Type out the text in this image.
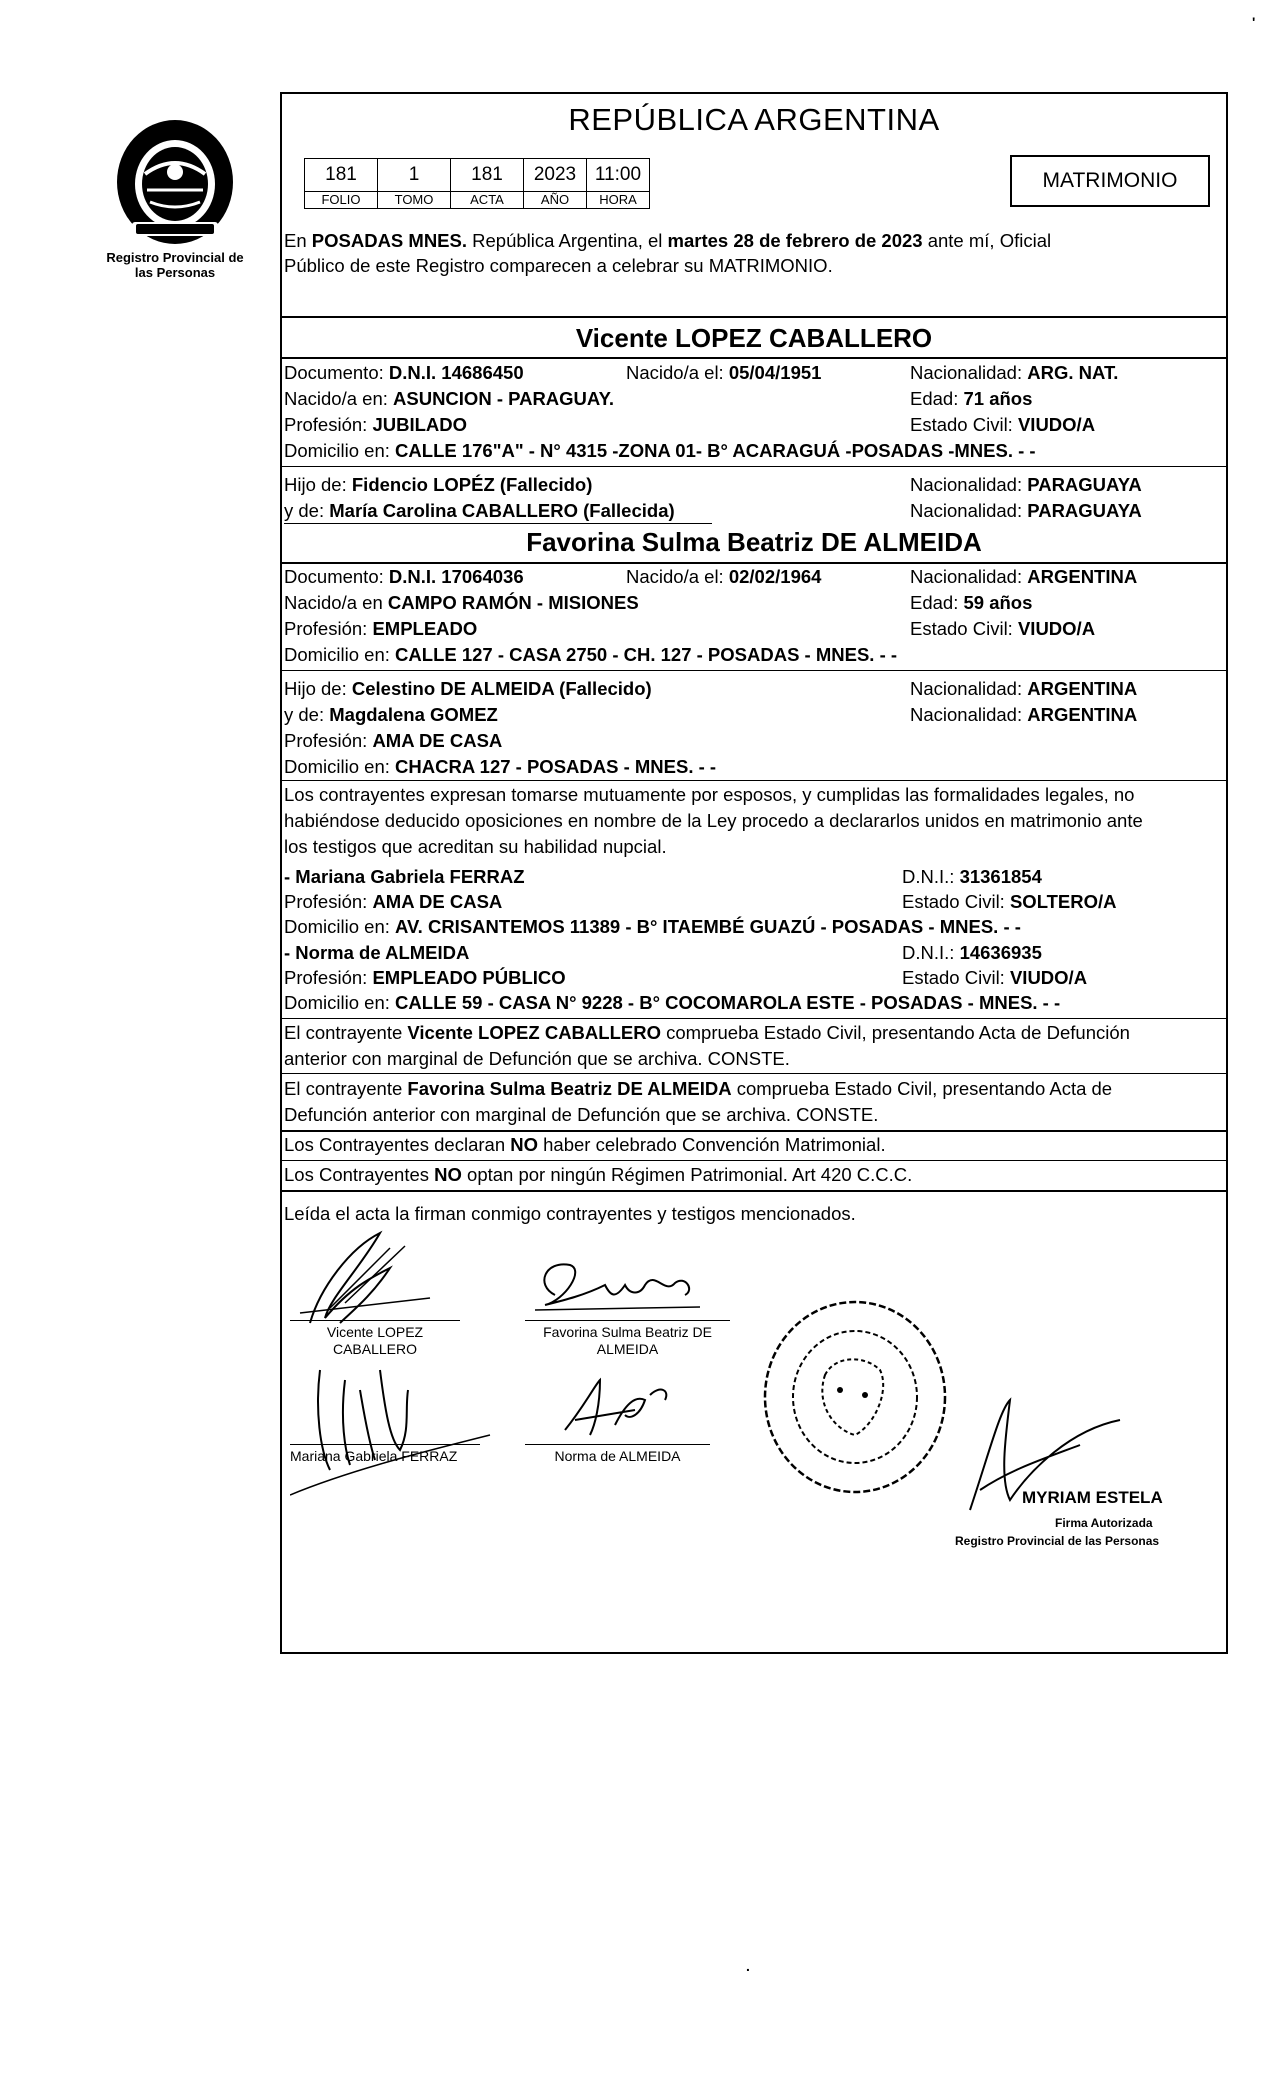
'
Registro Provincial de las Personas
REPÚBLICA ARGENTINA
181	1	181	2023	11:00
FOLIO	TOMO	ACTA	AÑO	HORA
MATRIMONIO
En POSADAS MNES. República Argentina, el martes 28 de febrero de 2023 ante mí, Oficial
Público de este Registro comparecen a celebrar su MATRIMONIO.
Vicente LOPEZ CABALLERO
Documento: D.N.I. 14686450	Nacido/a el: 05/04/1951	Nacionalidad: ARG. NAT.
Nacido/a en: ASUNCION - PARAGUAY.	Edad: 71 años
Profesión: JUBILADO	Estado Civil: VIUDO/A
Domicilio en: CALLE 176"A" - N° 4315 -ZONA 01- B° ACARAGUÁ -POSADAS -MNES. - -
Hijo de: Fidencio LOPÉZ (Fallecido)	Nacionalidad: PARAGUAYA
y de: María Carolina CABALLERO (Fallecida)	Nacionalidad: PARAGUAYA
Favorina Sulma Beatriz DE ALMEIDA
Documento: D.N.I. 17064036	Nacido/a el: 02/02/1964	Nacionalidad: ARGENTINA
Nacido/a en CAMPO RAMÓN - MISIONES	Edad: 59 años
Profesión: EMPLEADO	Estado Civil: VIUDO/A
Domicilio en: CALLE 127 - CASA 2750 - CH. 127 - POSADAS - MNES. - -
Hijo de: Celestino DE ALMEIDA (Fallecido)	Nacionalidad: ARGENTINA
y de: Magdalena GOMEZ	Nacionalidad: ARGENTINA
Profesión: AMA DE CASA
Domicilio en: CHACRA 127 - POSADAS - MNES. - -
Los contrayentes expresan tomarse mutuamente por esposos, y cumplidas las formalidades legales, no
habiéndose deducido oposiciones en nombre de la Ley procedo a declararlos unidos en matrimonio ante
los testigos que acreditan su habilidad nupcial.
- Mariana Gabriela FERRAZ	D.N.I.: 31361854
Profesión: AMA DE CASA	Estado Civil: SOLTERO/A
Domicilio en: AV. CRISANTEMOS 11389 - B° ITAEMBÉ GUAZÚ - POSADAS - MNES. - -
- Norma de ALMEIDA	D.N.I.: 14636935
Profesión: EMPLEADO PÚBLICO	Estado Civil: VIUDO/A
Domicilio en: CALLE 59 - CASA N° 9228 - B° COCOMAROLA ESTE - POSADAS - MNES. - -
El contrayente Vicente LOPEZ CABALLERO comprueba Estado Civil, presentando Acta de Defunción
anterior con marginal de Defunción que se archiva. CONSTE.
El contrayente Favorina Sulma Beatriz DE ALMEIDA comprueba Estado Civil, presentando Acta de
Defunción anterior con marginal de Defunción que se archiva. CONSTE.
Los Contrayentes declaran NO haber celebrado Convención Matrimonial.
Los Contrayentes NO optan por ningún Régimen Patrimonial. Art 420 C.C.C.
Leída el acta la firman conmigo contrayentes y testigos mencionados.
Vicente LOPEZ
CABALLERO
Favorina Sulma Beatriz DE
ALMEIDA
Mariana Gabriela FERRAZ	Norma de ALMEIDA
MYRIAM ESTELA
Firma Autorizada
Registro Provincial de las Personas
.
